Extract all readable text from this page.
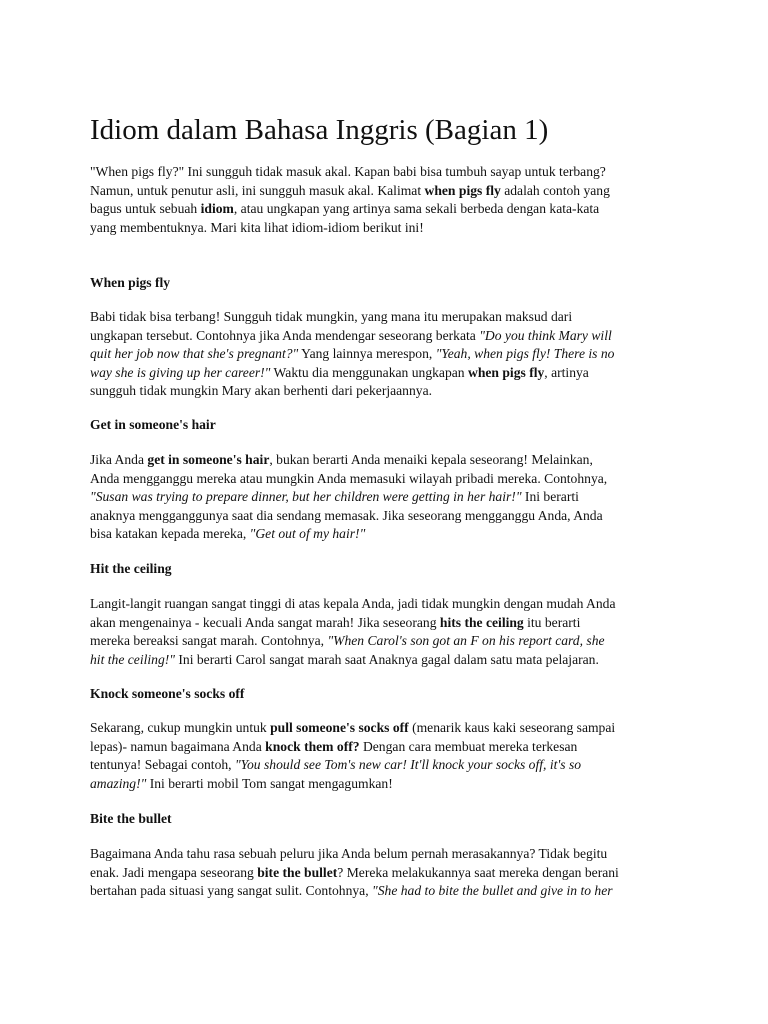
Idiom dalam Bahasa Inggris (Bagian 1)
"When pigs fly?" Ini sungguh tidak masuk akal. Kapan babi bisa tumbuh sayap untuk terbang?
Namun, untuk penutur asli, ini sungguh masuk akal. Kalimat when pigs fly adalah contoh yang
bagus untuk sebuah idiom, atau ungkapan yang artinya sama sekali berbeda dengan kata-kata
yang membentuknya. Mari kita lihat idiom-idiom berikut ini!
When pigs fly
Babi tidak bisa terbang! Sungguh tidak mungkin, yang mana itu merupakan maksud dari
ungkapan tersebut. Contohnya jika Anda mendengar seseorang berkata "Do you think Mary will
quit her job now that she's pregnant?" Yang lainnya merespon, "Yeah, when pigs fly! There is no
way she is giving up her career!" Waktu dia menggunakan ungkapan when pigs fly, artinya
sungguh tidak mungkin Mary akan berhenti dari pekerjaannya.
Get in someone's hair
Jika Anda get in someone's hair, bukan berarti Anda menaiki kepala seseorang! Melainkan,
Anda mengganggu mereka atau mungkin Anda memasuki wilayah pribadi mereka. Contohnya,
"Susan was trying to prepare dinner, but her children were getting in her hair!" Ini berarti
anaknya mengganggunya saat dia sendang memasak. Jika seseorang mengganggu Anda, Anda
bisa katakan kepada mereka, "Get out of my hair!"
Hit the ceiling
Langit-langit ruangan sangat tinggi di atas kepala Anda, jadi tidak mungkin dengan mudah Anda
akan mengenainya - kecuali Anda sangat marah! Jika seseorang hits the ceiling itu berarti
mereka bereaksi sangat marah. Contohnya, "When Carol's son got an F on his report card, she
hit the ceiling!" Ini berarti Carol sangat marah saat Anaknya gagal dalam satu mata pelajaran.
Knock someone's socks off
Sekarang, cukup mungkin untuk pull someone's socks off (menarik kaus kaki seseorang sampai
lepas)- namun bagaimana Anda knock them off? Dengan cara membuat mereka terkesan
tentunya! Sebagai contoh, "You should see Tom's new car! It'll knock your socks off, it's so
amazing!" Ini berarti mobil Tom sangat mengagumkan!
Bite the bullet
Bagaimana Anda tahu rasa sebuah peluru jika Anda belum pernah merasakannya? Tidak begitu
enak. Jadi mengapa seseorang bite the bullet? Mereka melakukannya saat mereka dengan berani
bertahan pada situasi yang sangat sulit. Contohnya, "She had to bite the bullet and give in to her
